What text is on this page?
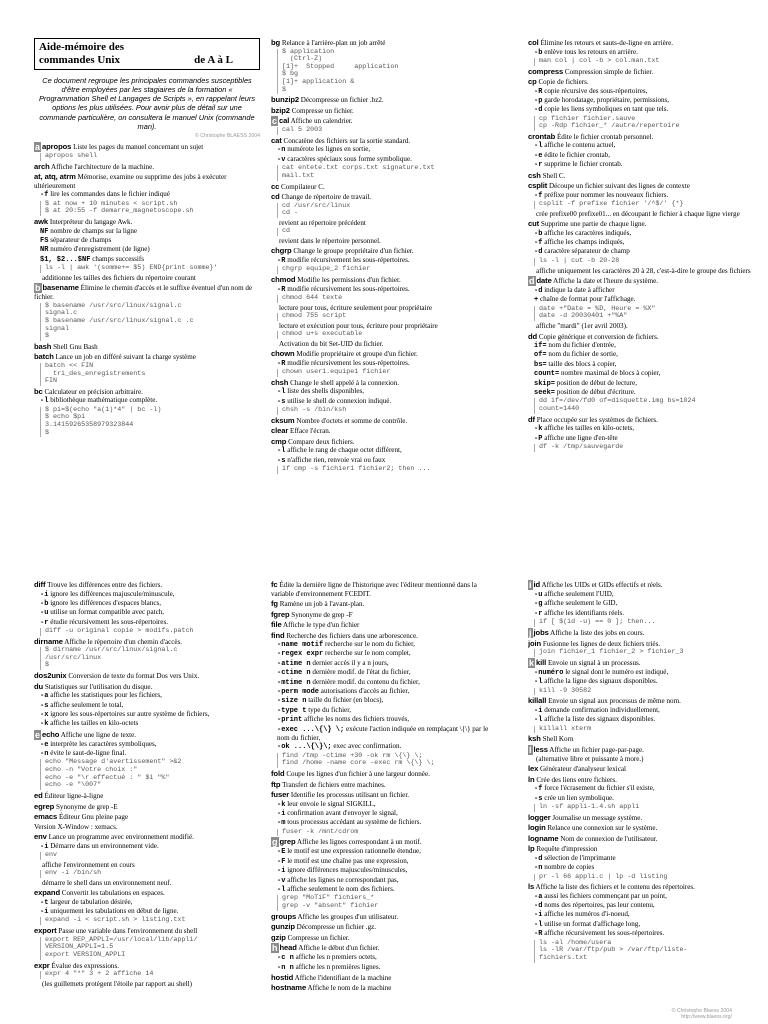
Aide-mémoire des
commandes Unix	de A à L
Ce document regroupe les principales commandes susceptibles d'être employées par les stagiaires de la formation « Programmation Shell et Langages de Scripts », en rappelant leurs options les plus utilisées. Pour avoir plus de détail sur une commande particulière, on consultera le manuel Unix (commande man).
© Christophe BLAESS 2004
a apropos Liste les pages du manuel concernant un sujet
apropos shell
arch Affiche l'architecture de la machine.
at, atq, atrm Mémorise, examine ou supprime des jobs à exécuter ultérieurement
-f lire les commandes dans le fichier indiqué
$ at now + 10 minutes < script.sh
$ at 20:55 -f demarre_magnetoscope.sh
awk Interpréteur du langage Awk.
NF nombre de champs sur la ligne
FS séparateur de champs
NR numéro d'enregistrement (de ligne)
$1, $2...$NF champs successifs
ls -l | awk '(somme+= $5) END{print somme}'
additionne les tailles des fichiers du répertoire courant
b basename Élimine le chemin d'accès et le suffixe éventuel d'un nom de fichier.
$ basename /usr/src/linux/signal.c
signal.c
$ basename /usr/src/linux/signal.c .c
signal
$
bash Shell Gnu Bash
batch Lance un job en différé suivant la charge système
batch << FIN
tri_des_enregistrements
FIN
bc Calculateur en précision arbitraire.
-l bibliothèque mathématique complète.
$ pi=$(echo "a(1)*4" | bc -l)
$ echo $pi
3.14159265358979323844
$
bg Relance à l'arrière-plan un job arrêté
$ application
(Ctrl-Z)
[1]+  Stopped     application
$ bg
[1]+ application &
$
bunzip2 Décompresse un fichier .bz2.
bzip2 Compresse un fichier.
c cal Affiche un calendrier.
cal 5 2003
cat Concatène des fichiers sur la sortie standard.
-n numérote les lignes en sortie,
-v caractères spéciaux sous forme symbolique.
cat entete.txt corps.txt signature.txt
mail.txt
cc Compilateur C.
cd Change de répertoire de travail.
cd /usr/src/linux
cd -
revient au répertoire précédent
cd
revient dans le répertoire personnel.
chgrp Change le groupe propriétaire d'un fichier.
-R modifie récursivement les sous-répertoires.
chgrp equipe_2 fichier
chmod Modifie les permissions d'un fichier.
-R modifie récursivement les sous-répertoires.
chmod 644 texte
lecture pour tous, écriture seulement pour propriétaire
chmod 755 script
lecture et exécution pour tous, écriture pour propriétaire
chmod u+s executable
Activation du bit Set-UID du fichier.
chown Modifie propriétaire et groupe d'un fichier.
-R modifie récursivement les sous-répertoires.
chown user1.equipe1 fichier
chsh Change le shell appelé à la connexion.
-l liste des shells disponibles,
-s utilise le shell de connexion indiqué.
chsh -s /bin/ksh
cksum Nombre d'octets et somme de contrôle.
clear Efface l'écran.
cmp Compare deux fichiers.
-l affiche le rang de chaque octet différent,
-s n'affiche rien, renvoie vrai ou faux
if cmp -s fichier1 fichier2; then ...
col Élimine les retours et sauts-de-ligne en arrière.
-b enlève tous les retours en arrière.
man col | col -b > col.man.txt
compress Compression simple de fichier.
cp Copie de fichiers.
-R copie récursive des sous-répertoires,
-p garde horodatage, propriétaire, permissions,
-d copie les liens symboliques en tant que tels.
cp fichier fichier.sauve
cp -Rdp fichier_* /autre/repertoire
crontab Édite le fichier crontab personnel.
-l affiche le contenu actuel,
-e édite le fichier crontab,
-r supprime le fichier crontab.
csh Shell C.
csplit Découpe un fichier suivant des lignes de contexte
-f préfixe pour nommer les nouveaux fichiers.
csplit -f prefixe fichier '/^$/' {*}
crée prefixe00 prefixe01... en découpant le fichier à chaque ligne vierge
cut Supprime une partie de chaque ligne.
-b affiche les caractères indiqués,
-f affiche les champs indiqués,
-d caractère séparateur de champ
ls -l | cut -b 20-28
affiche uniquement les caractères 20 à 28, c'est-à-dire le groupe des fichiers
d date Affiche la date et l'heure du système.
-d indique la date à afficher
+ chaîne de format pour l'affichage.
date +"Date = %D, Heure = %X"
date -d 20030401 +"%A"
affiche "mardi" (1er avril 2003).
dd Copie générique et conversion de fichiers.
if= nom du fichier d'entrée,
of= nom du fichier de sortie,
bs= taille des blocs à copier,
count= nombre maximal de blocs à copier,
skip= position de début de lecture,
seek= position de début d'écriture.
dd if=/dev/fd0 of=disquette.img bs=1024
count=1440
df Place occupée sur les systèmes de fichiers.
-k affiche les tailles en kilo-octets,
-P affiche une ligne d'en-tête
df -k /tmp/sauvegarde
diff Trouve les différences entre des fichiers.
-i ignore les différences majuscule/minuscule,
-b ignore les différences d'espaces blancs,
-u utilise un format compatible avec patch,
-r étudie récursivement les sous-répertoires.
diff -u original copie > modifs.patch
dirname Affiche le répertoire d'un chemin d'accès.
$ dirname /usr/src/linux/signal.c
/usr/src/linux
$
dos2unix Conversion de texte du format Dos vers Unix.
du Statistiques sur l'utilisation du disque.
-a affiche les statistiques pour les fichiers,
-s affiche seulement le total,
-x ignore les sous-répertoires sur autre système de fichiers,
-k affiche les tailles en kilo-octets
e echo Affiche une ligne de texte.
-e interprète les caractères symboliques,
-n évite le saut-de-ligne final.
echo "Message d'avertissement" >&2
echo -n "Votre choix :"
echo -e "\r effectué : " $i "%"
echo -e "\007"
ed Éditeur ligne-à-ligne
egrep Synonyme de grep -E
emacs Éditeur Gnu pleine page
Version X-Window : xemacs.
env Lance un programme avec environnement modifié.
-i Démarre dans un environnement vide.
env
affiche l'environnement en cours
env -i /bin/sh
démarre le shell dans un environnement neuf.
expand Convertit les tabulations en espaces.
-t largeur de tabulation désirée,
-i uniquement les tabulations en début de ligne.
expand -i < script.sh > listing.txt
export Passe une variable dans l'environnement du shell
export REP_APPLI=/usr/local/lib/appli/
VERSION_APPLI=1.5
export VERSION_APPLI
expr Évalue des expressions.
expr 4 "*" 3 + 2 affiche 14
(les guillemets protègent l'étoile par rapport au shell)
fc Édite la dernière ligne de l'historique avec l'éditeur mentionné dans la variable d'environnement FCEDIT.
fg Ramène un job à l'avant-plan.
fgrep Synonyme de grep -F
file Affiche le type d'un fichier
find Recherche des fichiers dans une arborescence.
-name motif recherche sur le nom du fichier,
-regex expr recherche sur le nom complet,
-atime n dernier accès il y a n jours,
-ctime n dernière modif. de l'état du fichier,
-mtime n dernière modif. du contenu du fichier,
-perm mode autorisations d'accès au fichier,
-size n taille du fichier (en blocs),
-type t type du fichier,
-print affiche les noms des fichiers trouvés,
-exec ...\{\} \; exécute l'action indiquée en remplaçant \{\} par le nom du fichier,
-ok ...\{\}\; exec avec confirmation.
find /tmp -ctime +30 -ok rm \{\} \;
find /home -name core -exec rm \{\} \;
fold Coupe les lignes d'un fichier à une largeur donnée.
ftp Transfert de fichiers entre machines.
fuser Identifie les processus utilisant un fichier.
-k leur envoie le signal SIGKILL,
-i confirmation avant d'envoyer le signal,
-m tous processus accédant au système de fichiers.
fuser -k /mnt/cdrom
g grep Affiche les lignes correspondant à un motif.
-E le motif est une expression rationnelle étendue,
-F le motif est une chaîne pas une expression,
-i ignore différences majuscules/minuscules,
-v affiche les lignes ne correspondant pas,
-l affiche seulement le nom des fichiers.
grep "MoTiF" fichiers_*
grep -v "absent" fichier
groups Affiche les groupes d'un utilisateur.
gunzip Décompresse un fichier .gz.
gzip Compresse un fichier.
h head Affiche le début d'un fichier.
-c n affiche les n premiers octets,
-n n affiche les n premières lignes.
hostid Affiche l'identifiant de la machine
hostname Affiche le nom de la machine
i id Affiche les UIDs et GIDs effectifs et réels.
-u affiche seulement l'UID,
-g affiche seulement le GID,
-r affiche les identifiants réels.
if [ $(id -u) == 0 ]; then...
j jobs Affiche la liste des jobs en cours.
join Fusionne les lignes de deux fichiers triés.
join fichier_1 fichier_2 > fichier_3
k kill Envoie un signal à un processus.
-numéro le signal dont le numéro est indiqué,
-l affiche la ligne des signaux disponibles.
kill -9 30582
killall Envoie un signal aux processus de même nom.
-i demande confirmation individuellement,
-l affiche la liste des signaux disponibles.
killall xterm
ksh Shell Korn
l less Affiche un fichier page-par-page.
(alternative libre et puissante à more.)
lex Générateur d'analyseur lexical
ln Crée des liens entre fichiers.
-f force l'écrasement du fichier s'il existe,
-s crée un lien symbolique.
ln -sf appli-1.4.sh appli
logger Journalise un message système.
login Relance une connexion sur le système.
logname Nom de connexion de l'utilisateur.
lp Requête d'impression
-d sélection de l'imprimante
-n nombre de copies
pr -l 66 appli.c | lp -d listing
ls Affiche la liste des fichiers et le contenu des répertoires.
-a aussi les fichiers commençant par un point,
-d noms des répertoires, pas leur contenu,
-i affiche les numéros d'i-noeud,
-l utilise un format d'affichage long,
-R affiche récursivement les sous-répertoires.
ls -al /home/usera
ls -lR /var/ftp/pub > /var/ftp/liste-
fichiers.txt
© Christophe Blaess 2004
http://www.blaess.org/
